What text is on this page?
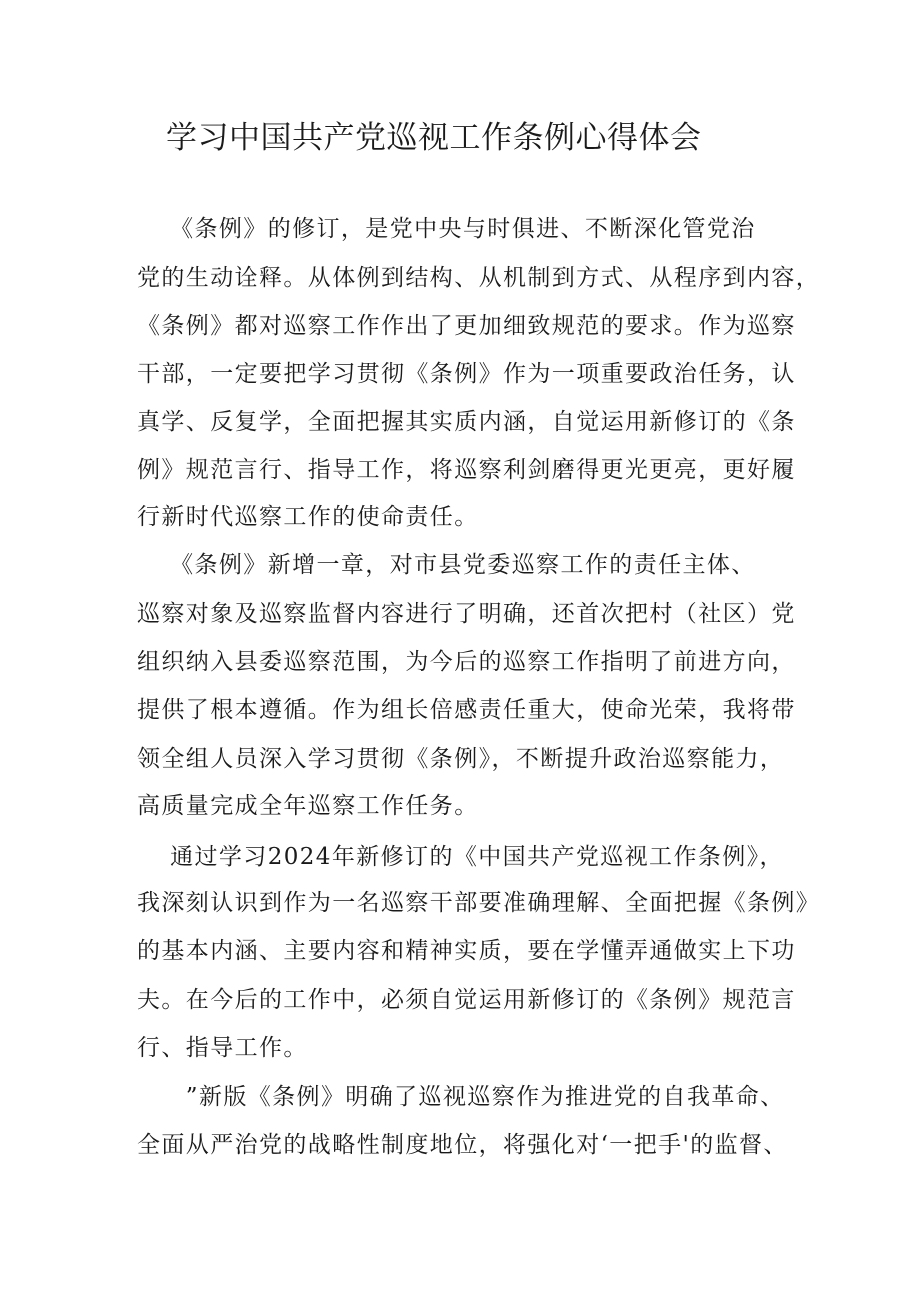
学习中国共产党巡视工作条例心得体会
　 《条例》的修订，是党中央与时俱进、不断深化管党治
党的生动诠释。从体例到结构、从机制到方式、从程序到内容，
《条例》都对巡察工作作出了更加细致规范的要求。作为巡察
干部，一定要把学习贯彻《条例》作为一项重要政治任务，认
真学、反复学，全面把握其实质内涵，自觉运用新修订的《条
例》规范言行、指导工作，将巡察利剑磨得更光更亮，更好履
行新时代巡察工作的使命责任。
　 《条例》新增一章，对市县党委巡察工作的责任主体、
巡察对象及巡察监督内容进行了明确，还首次把村（社区）党
组织纳入县委巡察范围，为今后的巡察工作指明了前进方向，
提供了根本遵循。作为组长倍感责任重大，使命光荣，我将带
领全组人员深入学习贯彻《条例》，不断提升政治巡察能力，
高质量完成全年巡察工作任务。
　 通过学习2024年新修订的《中国共产党巡视工作条例》，
我深刻认识到作为一名巡察干部要准确理解、全面把握《条例》
的基本内涵、主要内容和精神实质，要在学懂弄通做实上下功
夫。在今后的工作中，必须自觉运用新修订的《条例》规范言
行、指导工作。
　　”新版《条例》明确了巡视巡察作为推进党的自我革命、
全面从严治党的战略性制度地位，将强化对‘一把手'的监督、
